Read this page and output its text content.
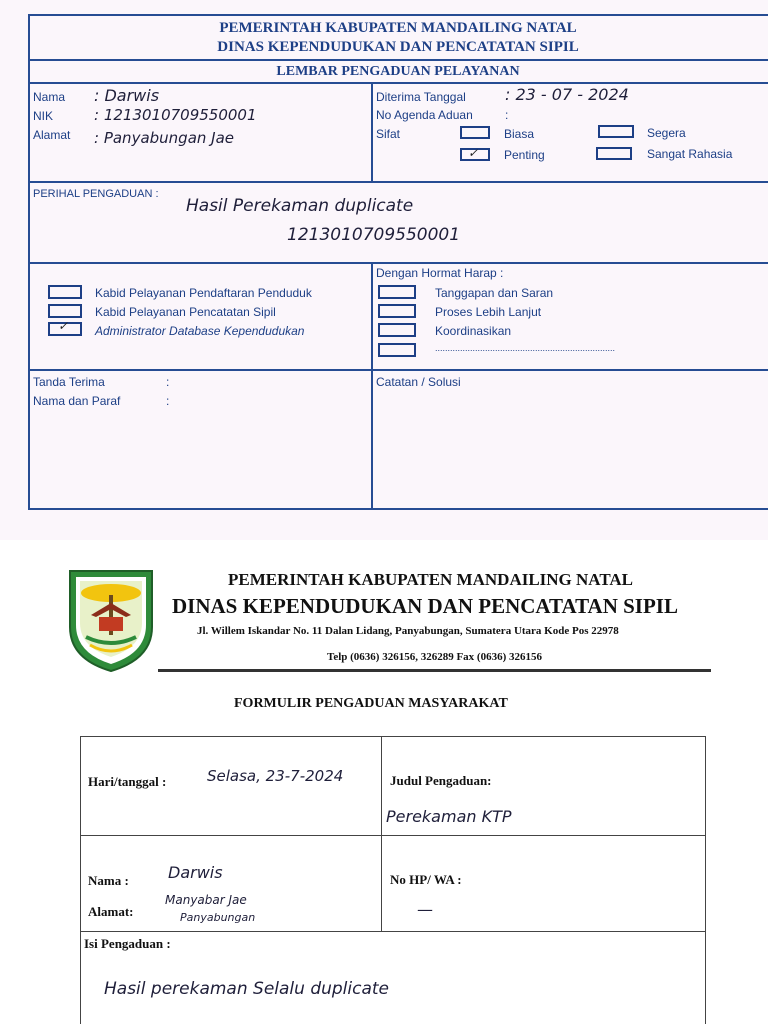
PEMERINTAH KABUPATEN MANDAILING NATAL
DINAS KEPENDUDUKAN DAN PENCATATAN SIPIL
LEMBAR PENGADUAN PELAYANAN
Nama : Darwis
NIK	: 1213010709550001
Alamat : Panyabungan Jae
Diterima Tanggal : 23 - 07 - 2024
No Agenda Aduan	:
Sifat	Biasa
✓ Penting
Segera
Sangat Rahasia
PERIHAL PENGADUAN :
Hasil Perekaman duplicate
1213010709550001
Kabid Pelayanan Pendaftaran Penduduk
Kabid Pelayanan Pencatatan Sipil
✓ Administrator Database Kependudukan
Dengan Hormat Harap :
Tanggapan dan Saran
Proses Lebih Lanjut
Koordinasikan
........................................................................
Tanda Terima	:
Nama dan Paraf	:
Catatan / Solusi
PEMERINTAH KABUPATEN MANDAILING NATAL
DINAS KEPENDUDUKAN DAN PENCATATAN SIPIL
Jl. Willem Iskandar No. 11 Dalan Lidang, Panyabungan, Sumatera Utara Kode Pos 22978
Telp (0636) 326156, 326289 Fax (0636) 326156
FORMULIR PENGADUAN MASYARAKAT
Hari/tanggal :	Selasa, 23-7-2024	Judul Pengaduan:
Perekaman KTP
Nama : Darwis
Alamat:
Manyabar Jae
Panyabungan
No HP/ WA :
—
Isi Pengaduan :
Hasil perekaman Selalu duplicate
